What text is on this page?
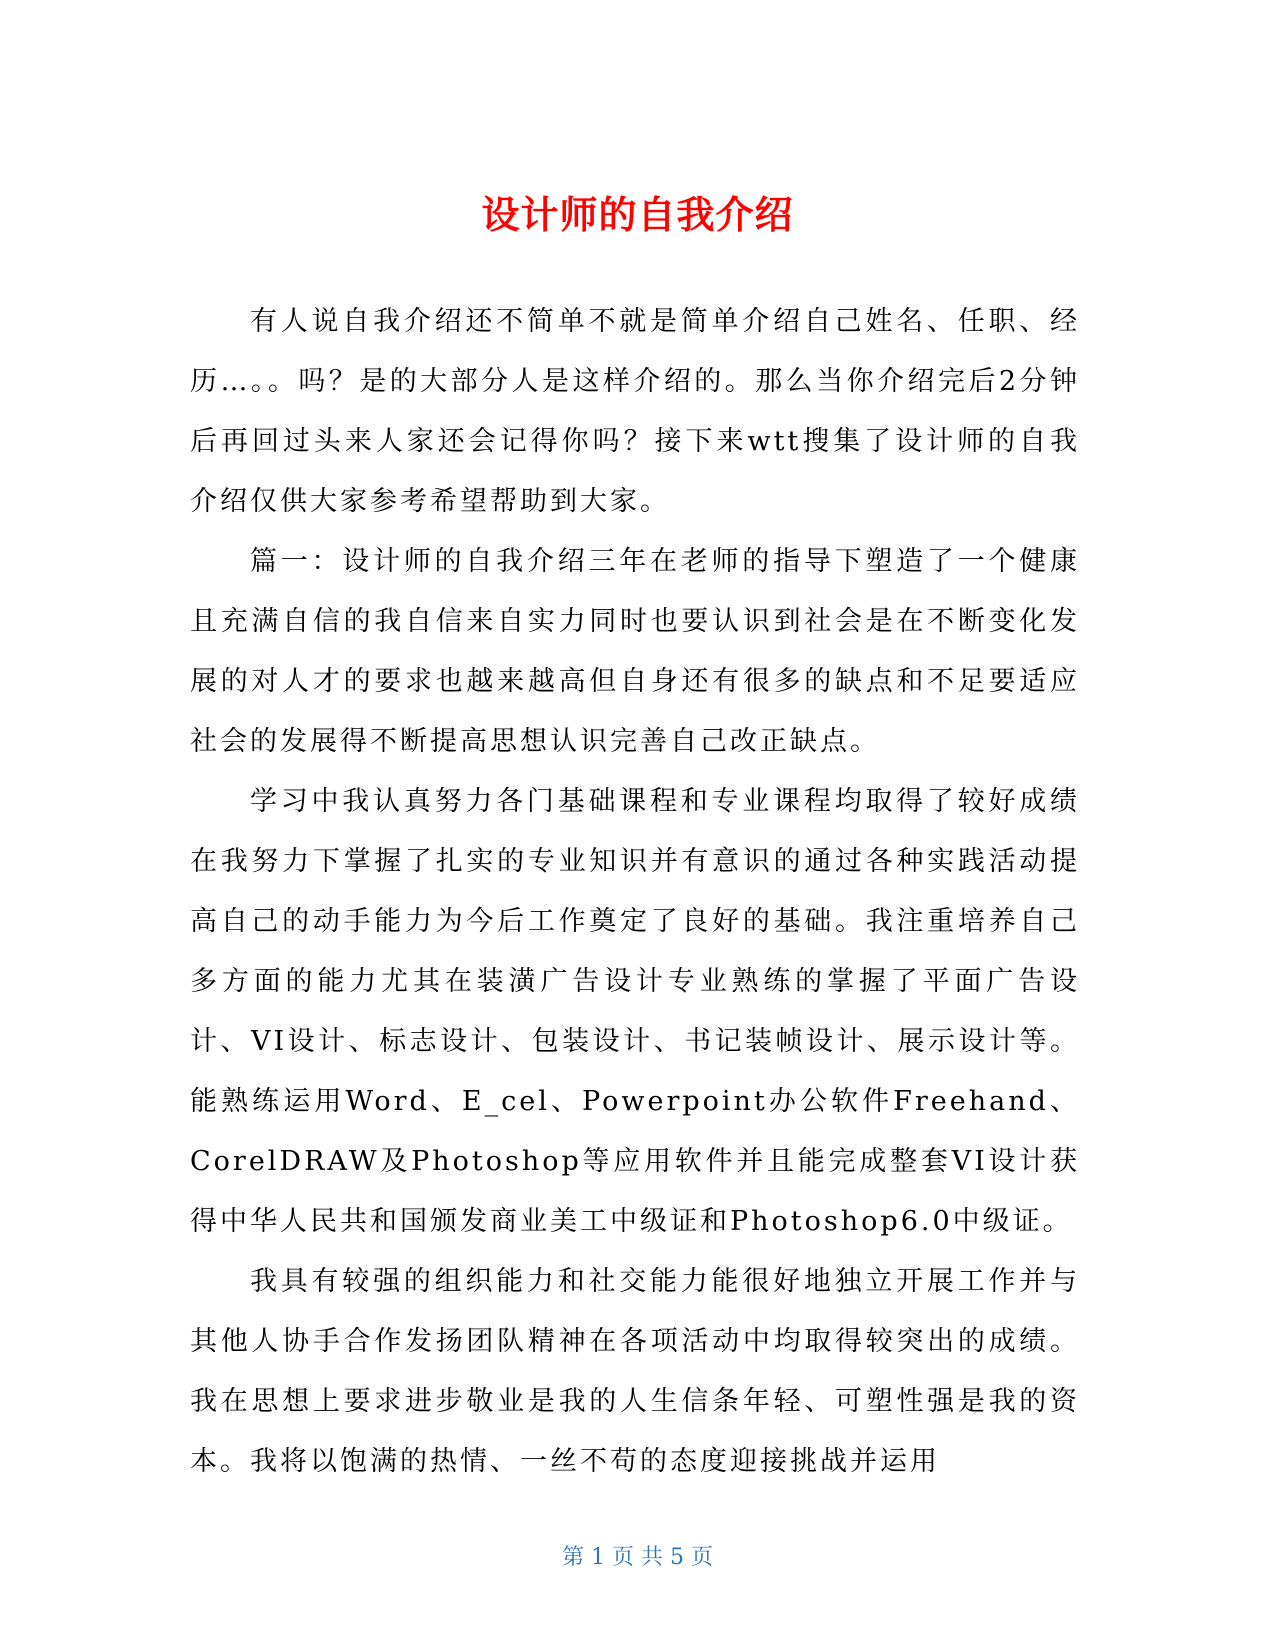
设计师的自我介绍

有人说自我介绍还不简单不就是简单介绍自己姓名、任职、经历…。。吗？是的大部分人是这样介绍的。那么当你介绍完后2分钟后再回过头来人家还会记得你吗？接下来wtt搜集了设计师的自我介绍仅供大家参考希望帮助到大家。

篇一：设计师的自我介绍三年在老师的指导下塑造了一个健康且充满自信的我自信来自实力同时也要认识到社会是在不断变化发展的对人才的要求也越来越高但自身还有很多的缺点和不足要适应社会的发展得不断提高思想认识完善自己改正缺点。

学习中我认真努力各门基础课程和专业课程均取得了较好成绩在我努力下掌握了扎实的专业知识并有意识的通过各种实践活动提高自己的动手能力为今后工作奠定了良好的基础。我注重培养自己多方面的能力尤其在装潢广告设计专业熟练的掌握了平面广告设计、VI设计、标志设计、包装设计、书记装帧设计、展示设计等。能熟练运用Word、E_cel、Powerpoint办公软件Freehand、CorelDRAW及Photoshop等应用软件并且能完成整套VI设计获得中华人民共和国颁发商业美工中级证和Photoshop6.0中级证。

我具有较强的组织能力和社交能力能很好地独立开展工作并与其他人协手合作发扬团队精神在各项活动中均取得较突出的成绩。我在思想上要求进步敬业是我的人生信条年轻、可塑性强是我的资本。我将以饱满的热情、一丝不苟的态度迎接挑战并运用

第 1 页 共 5 页
